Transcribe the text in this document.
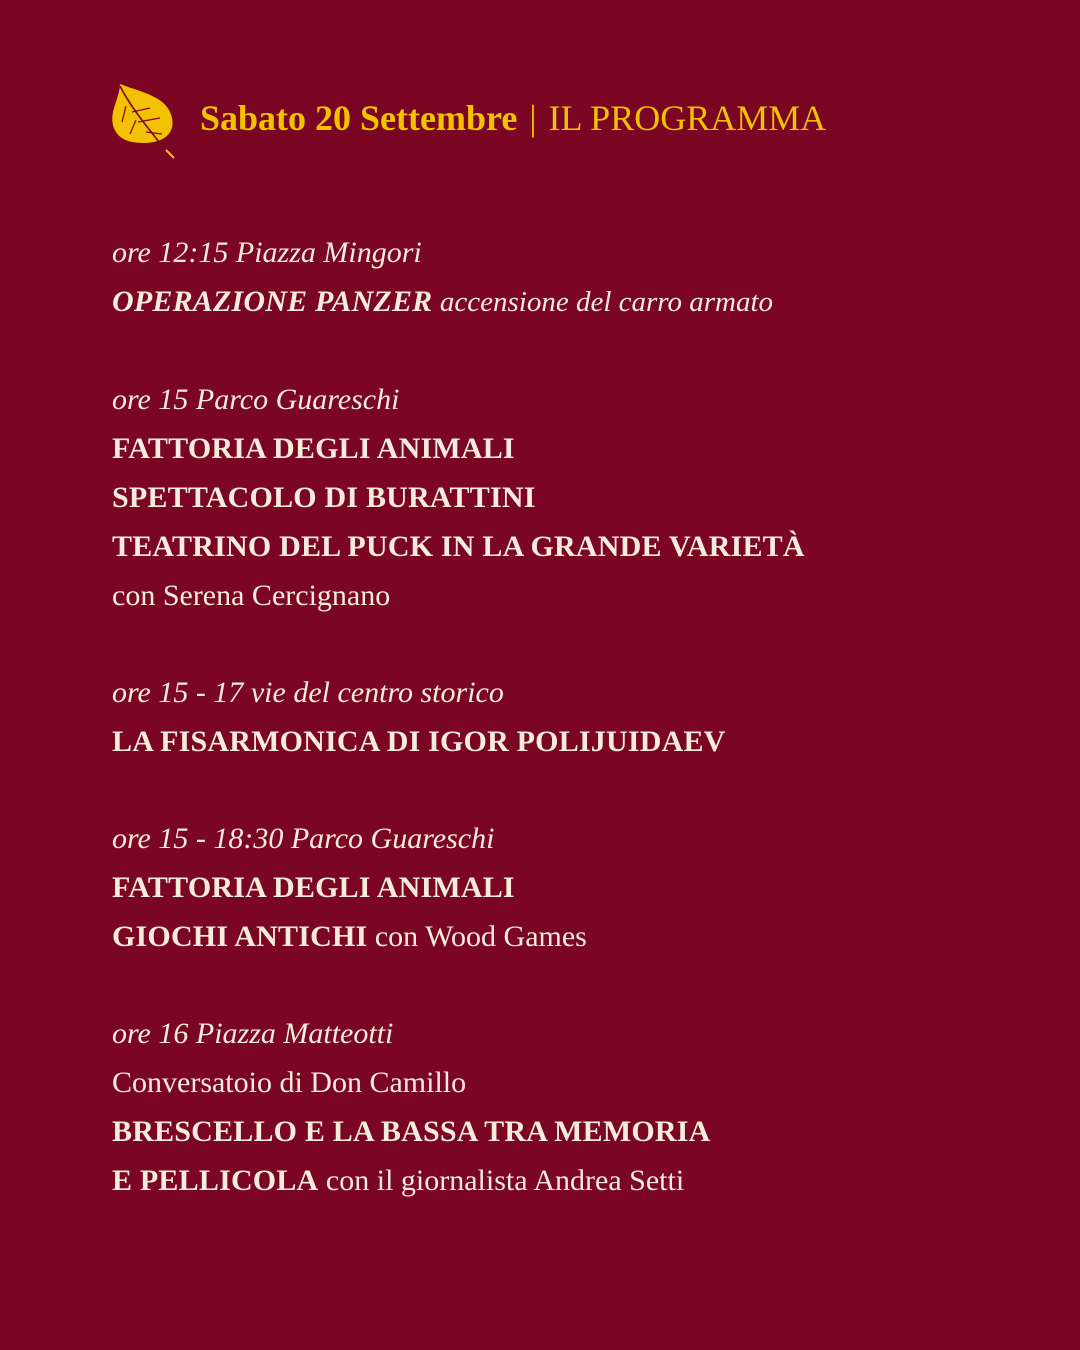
Sabato 20 Settembre | IL PROGRAMMA
ore 12:15 Piazza Mingori
OPERAZIONE PANZER accensione del carro armato
ore 15 Parco Guareschi
FATTORIA DEGLI ANIMALI
SPETTACOLO DI BURATTINI
TEATRINO DEL PUCK IN LA GRANDE VARIETÀ
con Serena Cercignano
ore 15 - 17 vie del centro storico
LA FISARMONICA DI IGOR POLIJUIDAEV
ore 15 - 18:30 Parco Guareschi
FATTORIA DEGLI ANIMALI
GIOCHI ANTICHI con Wood Games
ore 16 Piazza Matteotti
Conversatoio di Don Camillo
BRESCELLO E LA BASSA TRA MEMORIA
E PELLICOLA con il giornalista Andrea Setti
